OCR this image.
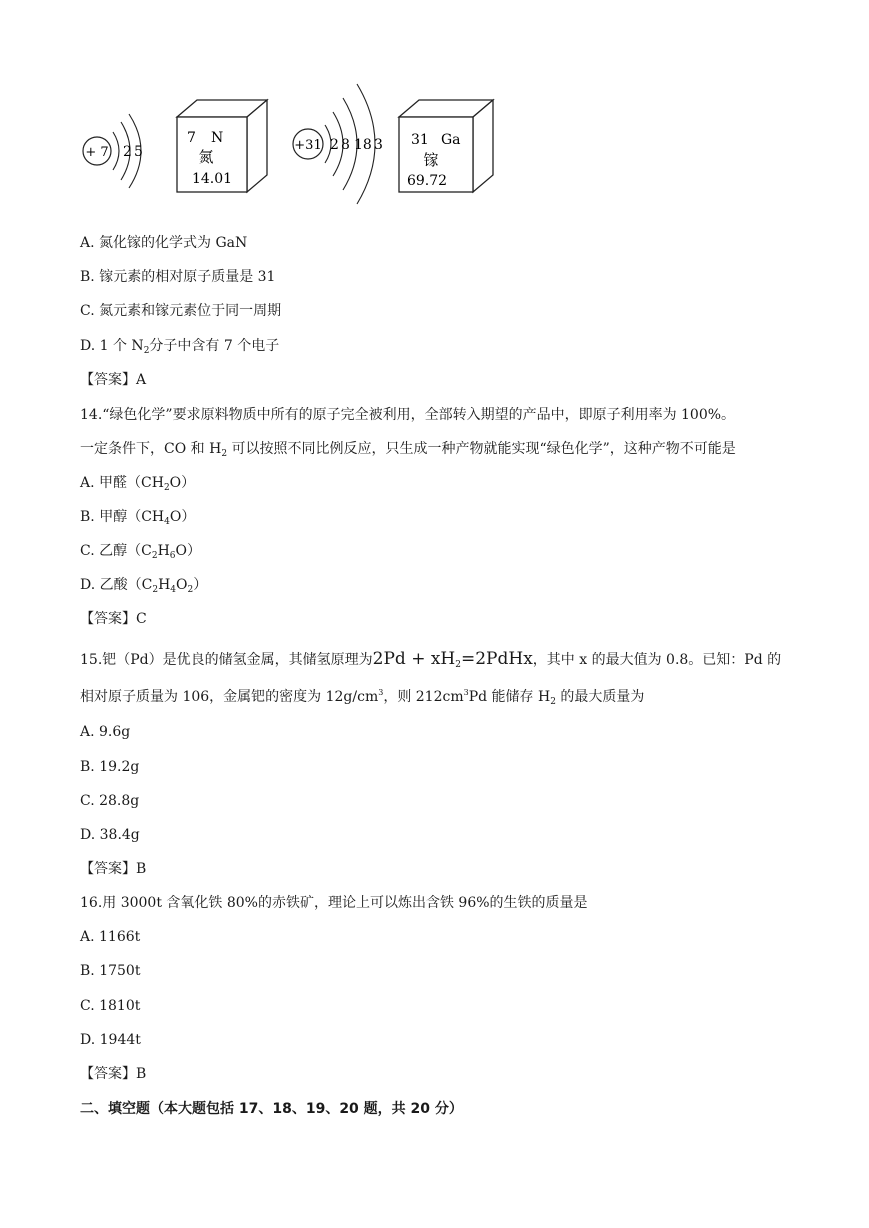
+ 7 2 5
7 N
氮
14.01
+31 2 8 18 3 31 Ga
镓
69.72
A. 氮化镓的化学式为 GaN
B. 镓元素的相对原子质量是 31
C. 氮元素和镓元素位于同一周期
D. 1 个 $N_2$分子中含有 7 个电子
【答案】A
14.“绿色化学”要求原料物质中所有的原子完全被利用，全部转入期望的产品中，即原子利用率为 100%。
一定条件下，CO 和 $H_2$ 可以按照不同比例反应，只生成一种产物就能实现“绿色化学”，这种产物不可能是
A. 甲醛$(CH_2O)$
B. 甲醇$(CH_4O)$
C. 乙醇$(C_2H_6O)$
D. 乙酸$(C_2H_4O_2)$
【答案】C
15.钯（Pd）是优良的储氢金属，其储氢原理为$2Pd + xH_2=2PdHx$，其中 x 的最大值为 0.8。已知：Pd 的
相对原子质量为 106，金属钯的密度为 $12g/cm^3$，则 $212cm^3Pd$ 能储存 $H_2$ 的最大质量为
A. 9.6g
B. 19.2g
C. 28.8g
D. 38.4g
【答案】B
16.用 3000t 含氧化铁 80%的赤铁矿，理论上可以炼出含铁 96%的生铁的质量是
A. 1166t
B. 1750t
C. 1810t
D. 1944t
【答案】B
二、填空题（本大题包括 17、18、19、20 题，共 20 分）
